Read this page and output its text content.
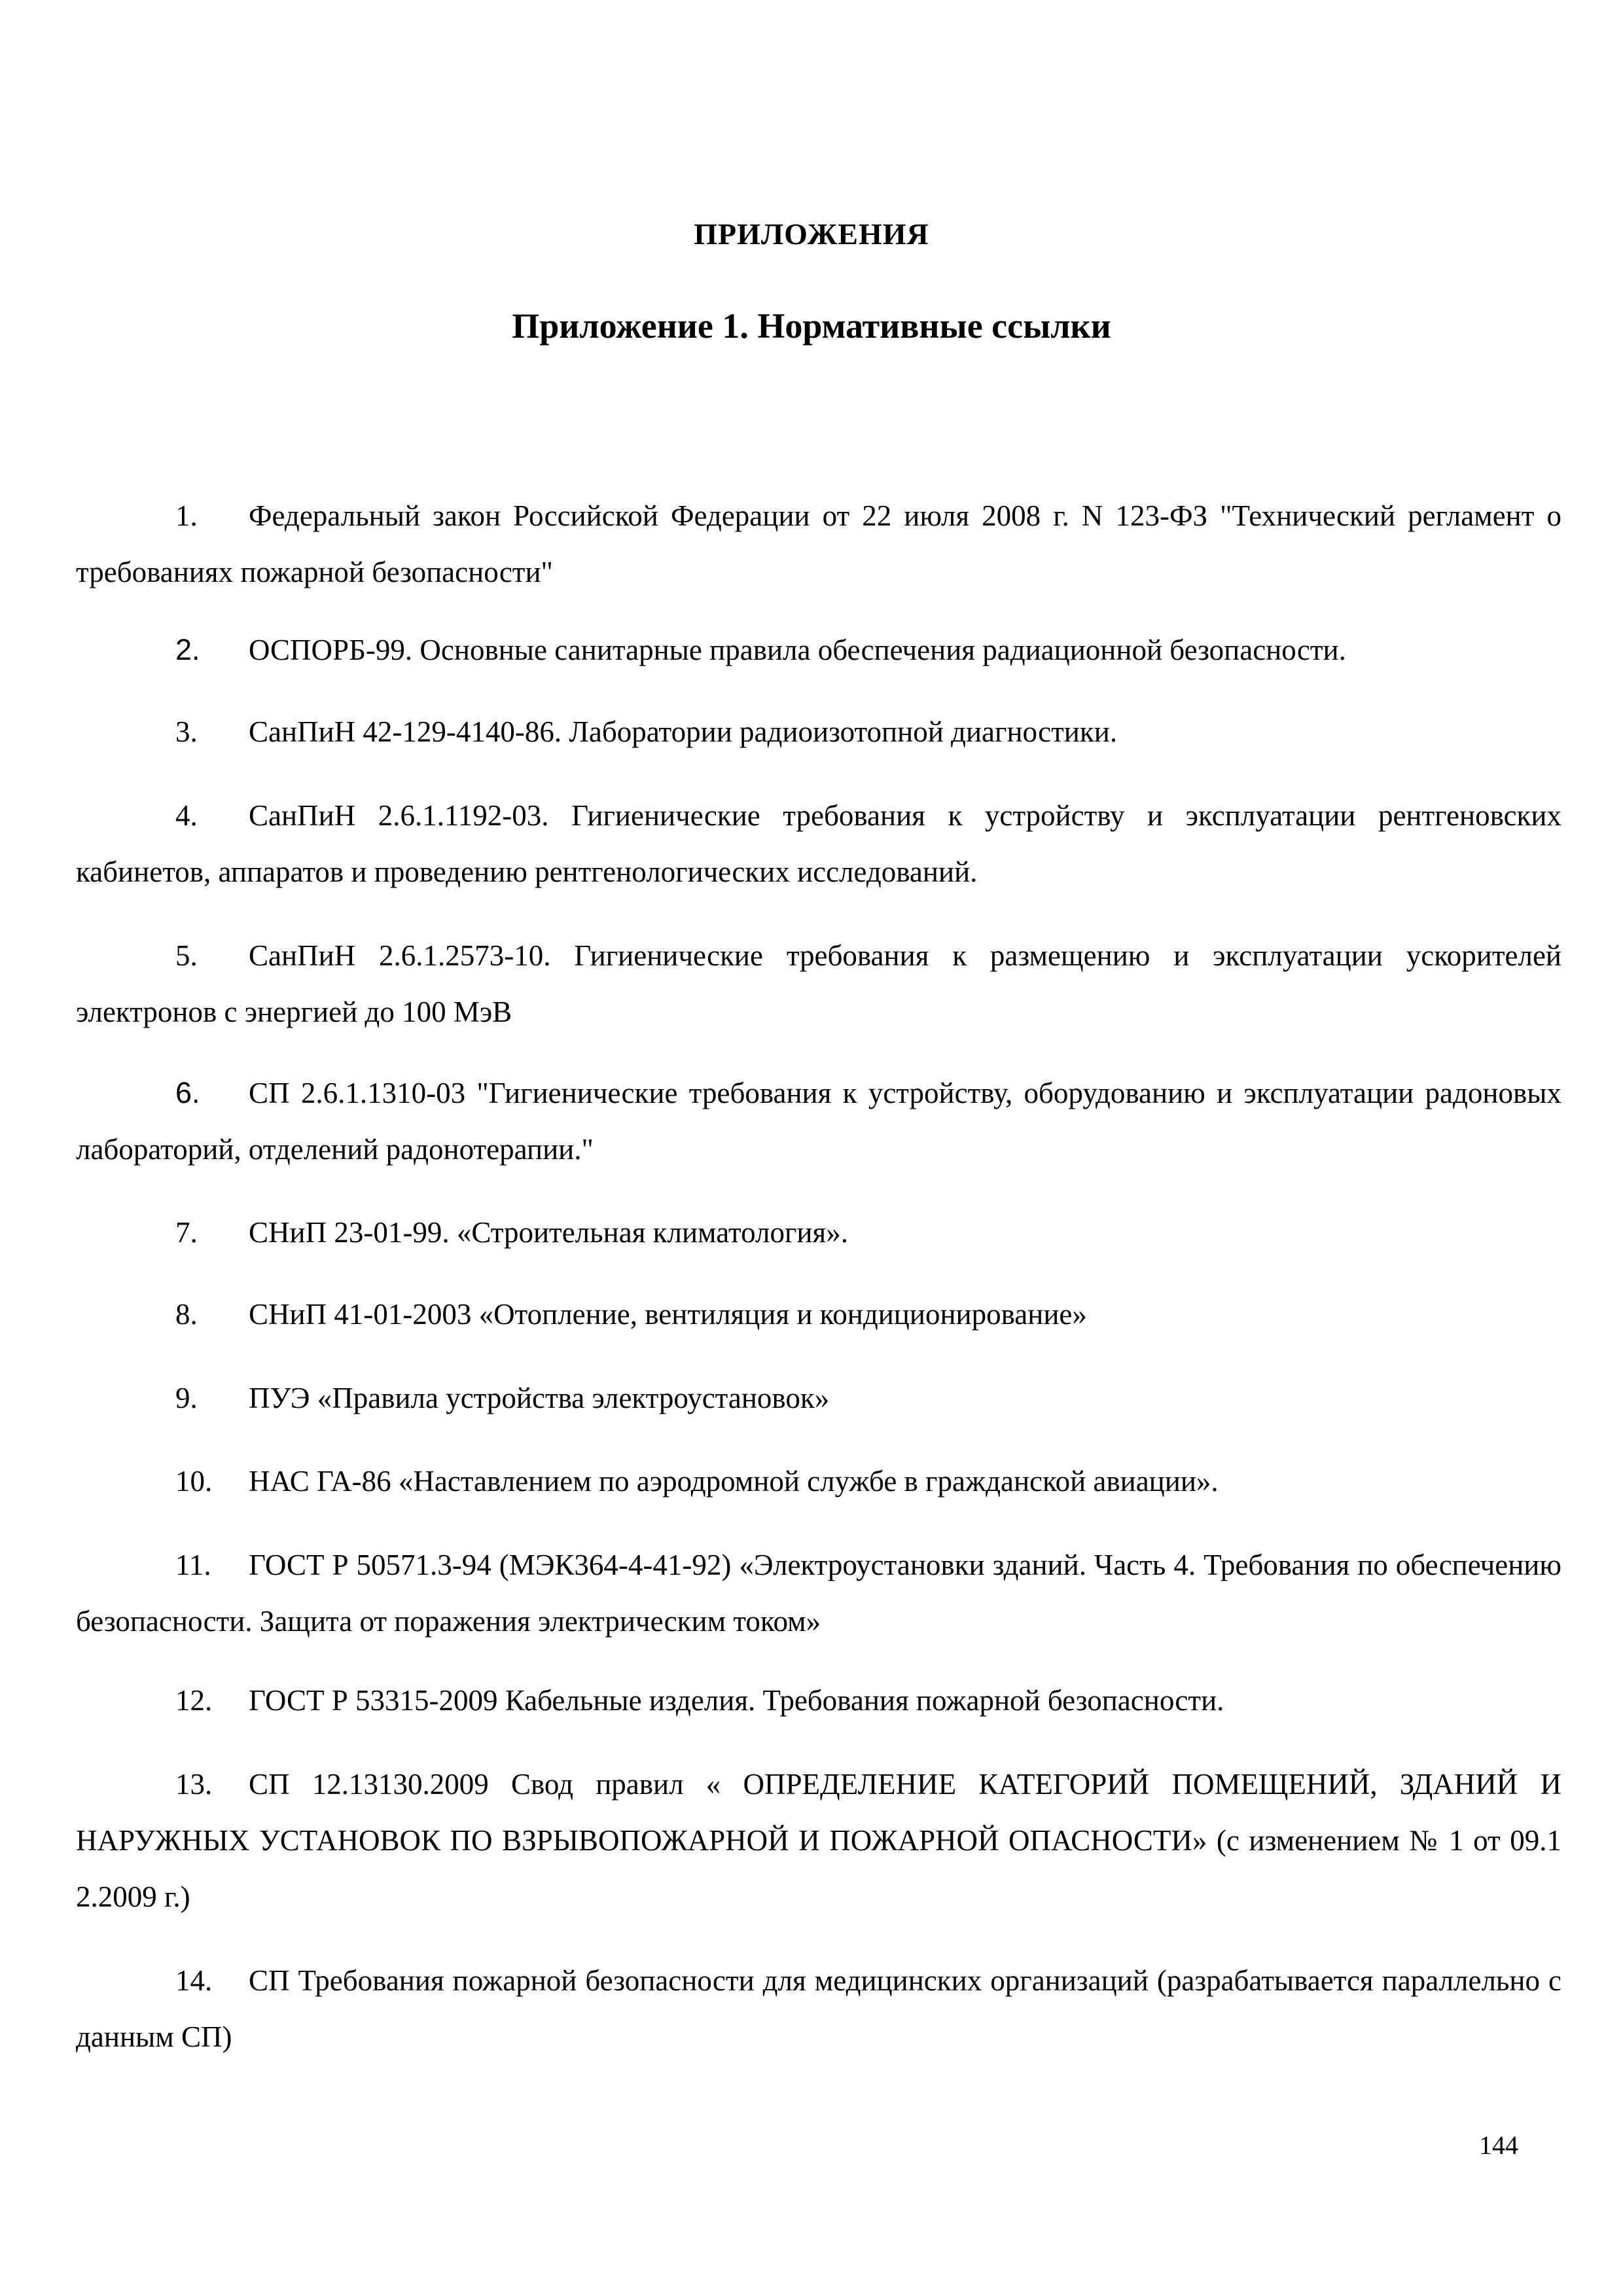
ПРИЛОЖЕНИЯ
Приложение 1. Нормативные ссылки

1.	Федеральный закон Российской Федерации от 22 июля 2008 г. N 123-ФЗ "Технический регламент о требованиях пожарной безопасности"

2.	ОСПОРБ-99. Основные санитарные правила обеспечения радиационной безопасности.

3.	СанПиН 42-129-4140-86. Лаборатории радиоизотопной диагностики.

4.	СанПиН 2.6.1.1192-03. Гигиенические требования к устройству и эксплуатации рентгеновских кабинетов, аппаратов и проведению рентгенологических исследований.

5.	СанПиН 2.6.1.2573-10. Гигиенические требования к размещению и эксплуатации ускорителей электронов с энергией до 100 МэВ

6.	СП 2.6.1.1310-03 "Гигиенические требования к устройству, оборудованию и эксплуатации радоновых лабораторий, отделений радонотерапии."

7.	СНиП 23-01-99. «Строительная климатология».

8.	СНиП 41-01-2003 «Отопление, вентиляция и кондиционирование»

9.	ПУЭ «Правила устройства электроустановок»

10.	НАС ГА-86 «Наставлением по аэродромной службе в гражданской авиации».

11.	ГОСТ Р 50571.3-94 (МЭК364-4-41-92) «Электроустановки зданий. Часть 4. Требования по обеспечению безопасности. Защита от поражения электрическим током»

12.	ГОСТ Р 53315-2009 Кабельные изделия. Требования пожарной безопасности.

13.	СП 12.13130.2009 Свод правил « ОПРЕДЕЛЕНИЕ КАТЕГОРИЙ ПОМЕЩЕНИЙ, ЗДАНИЙ И НАРУЖНЫХ УСТАНОВОК ПО ВЗРЫВОПОЖАРНОЙ И ПОЖАРНОЙ ОПАСНОСТИ» (с изменением № 1 от 09.1 2.2009 г.)

14.	СП Требования пожарной безопасности для медицинских организаций (разрабатывается параллельно с данным СП)

144
